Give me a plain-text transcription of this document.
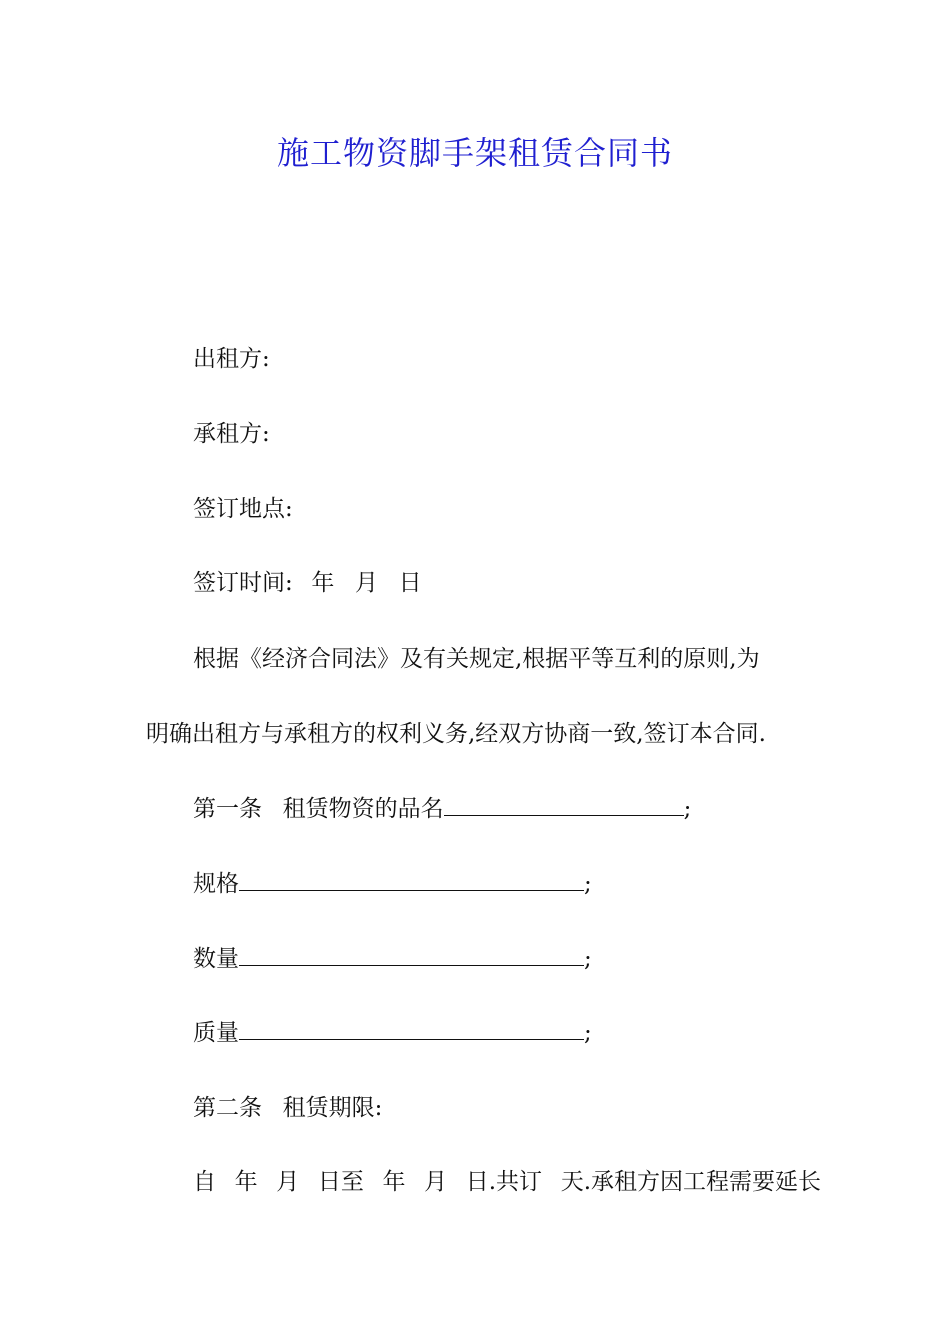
施工物资脚手架租赁合同书
出租方:
承租方:
签订地点:
签订时间: 年 月 日
根据《经济合同法》及有关规定,根据平等互利的原则,为
明确出租方与承租方的权利义务,经双方协商一致,签订本合同.
第一条 租赁物资的品名	;
规格	;
数量	;
质量	;
第二条 租赁期限:
自 年 月 日至 年 月 日.共订 天.承租方因工程需要延长
